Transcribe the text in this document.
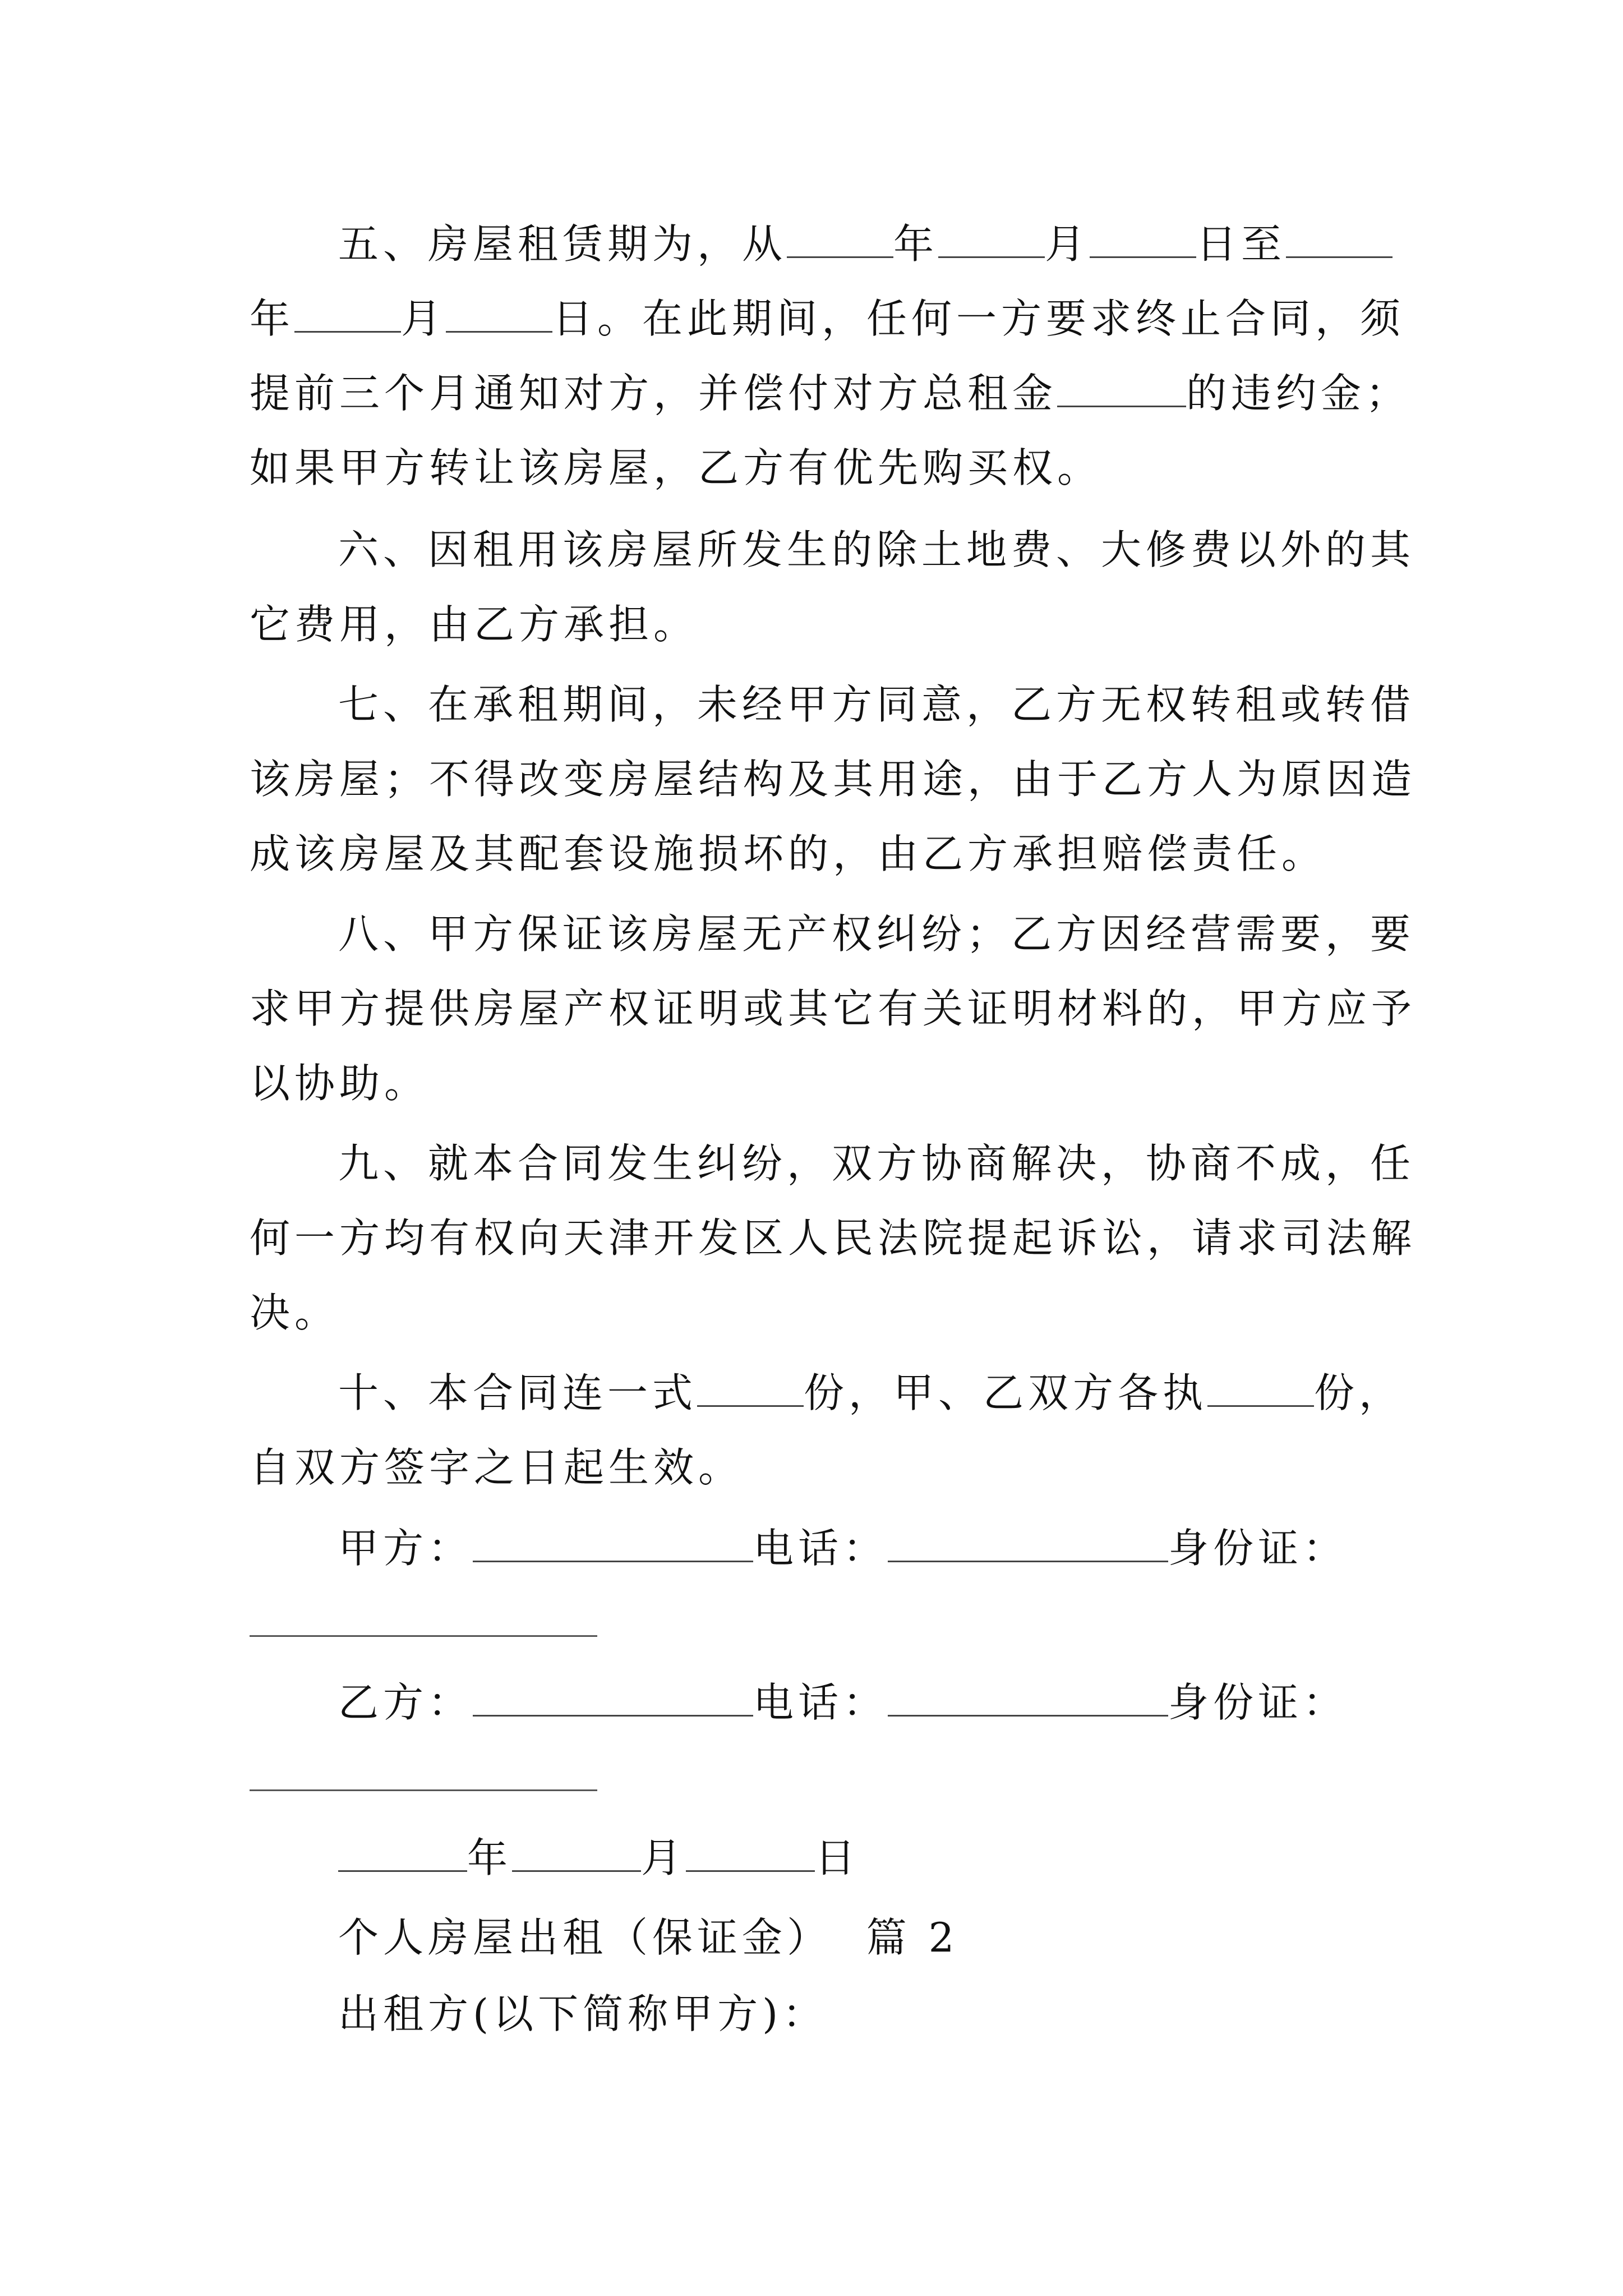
五、房屋租赁期为，从	年	月	日至
年	月	日。在此期间，任何一方要求终止合同，须
提前三个月通知对方，并偿付对方总租金	的违约金；
如果甲方转让该房屋，乙方有优先购买权。
六、因租用该房屋所发生的除土地费、大修费以外的其
它费用，由乙方承担。
七、在承租期间，未经甲方同意，乙方无权转租或转借
该房屋；不得改变房屋结构及其用途，由于乙方人为原因造
成该房屋及其配套设施损坏的，由乙方承担赔偿责任。
八、甲方保证该房屋无产权纠纷；乙方因经营需要，要
求甲方提供房屋产权证明或其它有关证明材料的，甲方应予
以协助。
九、就本合同发生纠纷，双方协商解决，协商不成，任
何一方均有权向天津开发区人民法院提起诉讼，请求司法解
决。
十、本合同连一式	份，甲、乙双方各执	份，
自双方签字之日起生效。
甲方：	电话：	身份证：
乙方：	电话：	身份证：
年	月	日
个人房屋出租（保证金）  篇 2
出租方(以下简称甲方)：
